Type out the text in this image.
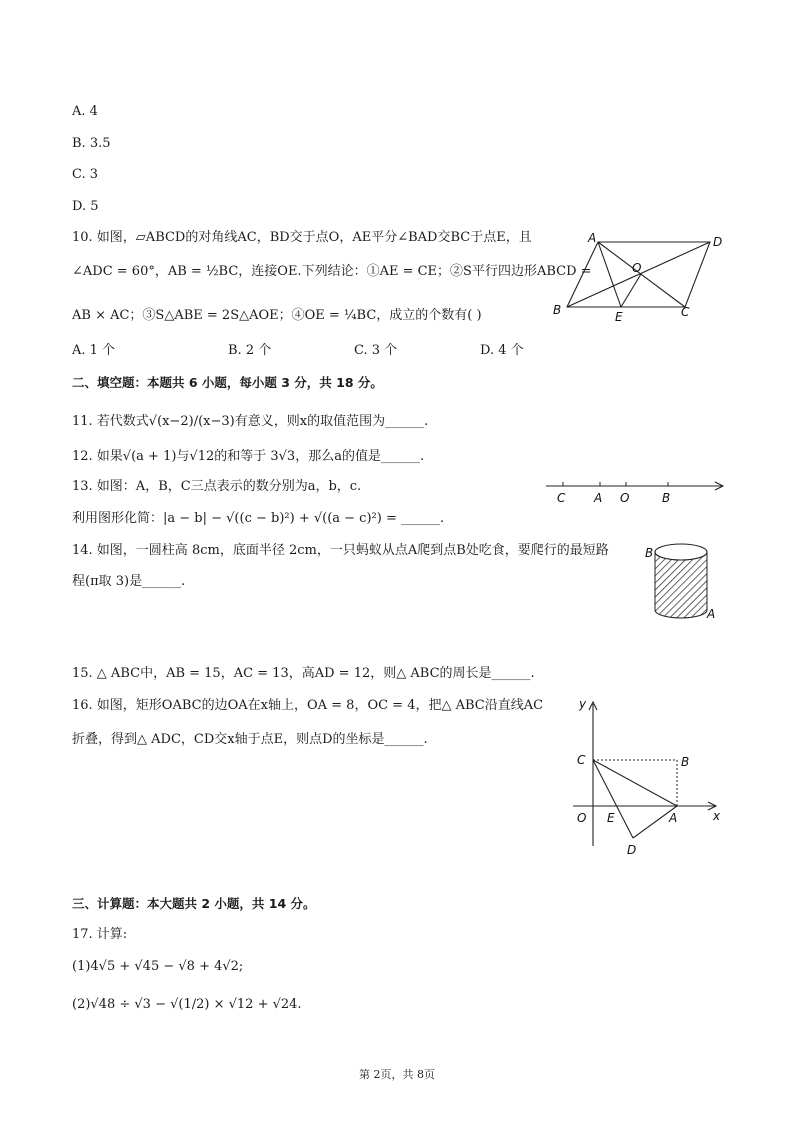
A. 4
B. 3.5
C. 3
D. 5
10. 如图，▱ABCD的对角线AC，BD交于点O，AE平分∠BAD交BC于点E，且
∠ADC = 60°，AB = ½BC，连接OE.下列结论：①AE = CE；②S平行四边形ABCD =
AB × AC；③S△ABE = 2S△AOE；④OE = ¼BC，成立的个数有( )
A. 1 个	B. 2 个	C. 3 个	D. 4 个
A	D
O
B	E	C
二、填空题：本题共 6 小题，每小题 3 分，共 18 分。
11. 若代数式√(x−2)/(x−3)有意义，则x的取值范围为______.
12. 如果√(a + 1)与√12的和等于 3√3，那么a的值是______.
13. 如图：A，B，C三点表示的数分别为a，b，c.
C A O	B
利用图形化简：|a − b| − √((c − b)²) + √((a − c)²) = ______.
14. 如图，一圆柱高 8cm，底面半径 2cm，一只蚂蚁从点A爬到点B处吃食，要爬行的最短路
程(π取 3)是______.
B
A
15. △ ABC中，AB = 15，AC = 13，高AD = 12，则△ ABC的周长是______.
16. 如图，矩形OABC的边OA在x轴上，OA = 8，OC = 4，把△ ABC沿直线AC
折叠，得到△ ADC，CD交x轴于点E，则点D的坐标是______.
y
x
C	B
O E	A
D
三、计算题：本大题共 2 小题，共 14 分。
17. 计算:
(1)4√5 + √45 − √8 + 4√2;
(2)√48 ÷ √3 − √(1/2) × √12 + √24.
第 2页，共 8页
